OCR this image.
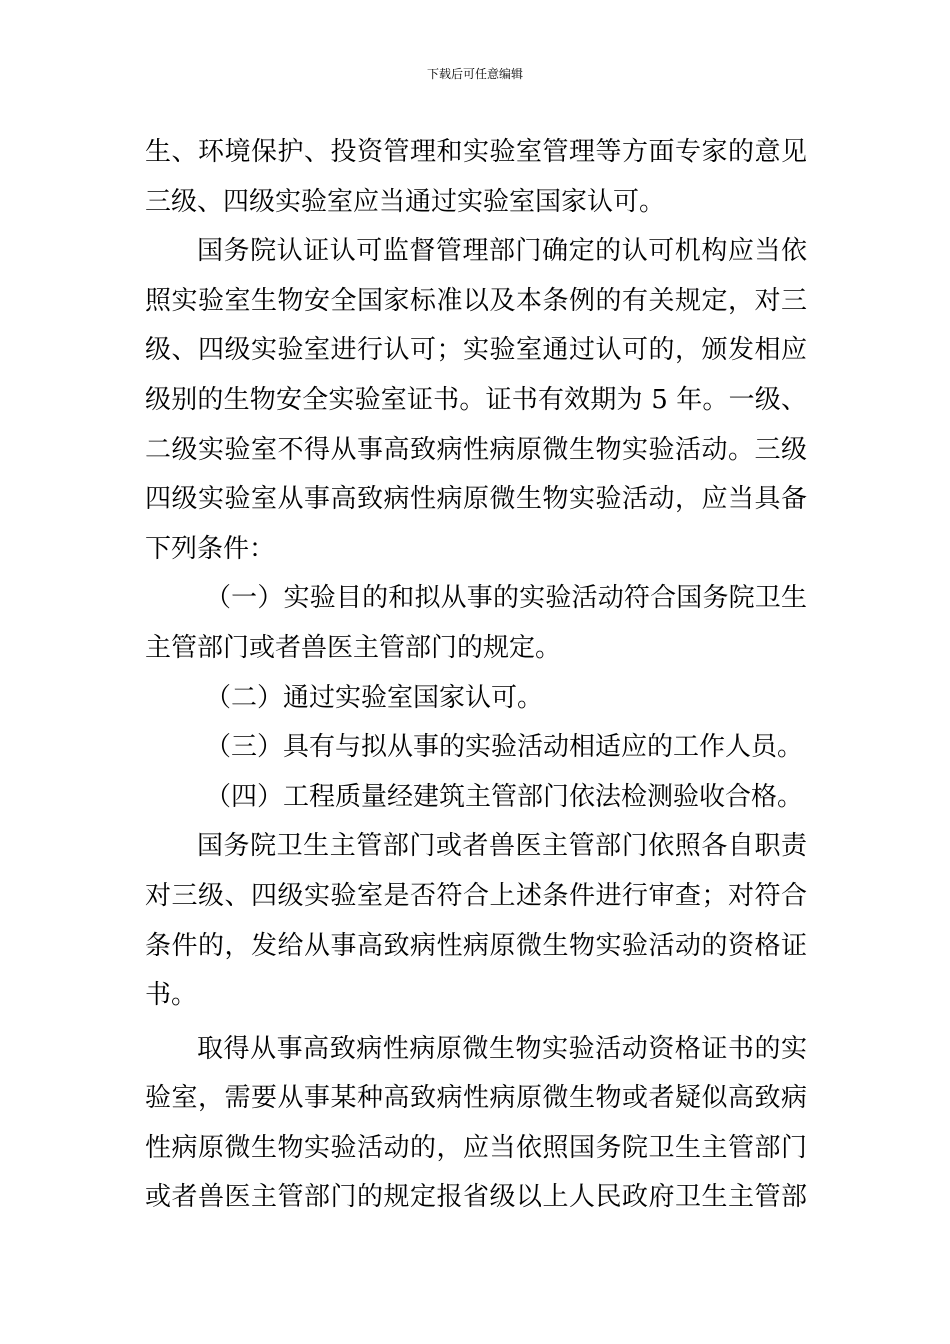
下载后可任意编辑
生、环境保护、投资管理和实验室管理等方面专家的意见
三级、四级实验室应当通过实验室国家认可。
国务院认证认可监督管理部门确定的认可机构应当依
照实验室生物安全国家标准以及本条例的有关规定，对三
级、四级实验室进行认可；实验室通过认可的，颁发相应
级别的生物安全实验室证书。证书有效期为 5 年。一级、
二级实验室不得从事高致病性病原微生物实验活动。三级
四级实验室从事高致病性病原微生物实验活动，应当具备
下列条件：
（一）实验目的和拟从事的实验活动符合国务院卫生
主管部门或者兽医主管部门的规定。
（二）通过实验室国家认可。
（三）具有与拟从事的实验活动相适应的工作人员。
（四）工程质量经建筑主管部门依法检测验收合格。
国务院卫生主管部门或者兽医主管部门依照各自职责
对三级、四级实验室是否符合上述条件进行审查；对符合
条件的，发给从事高致病性病原微生物实验活动的资格证
书。
取得从事高致病性病原微生物实验活动资格证书的实
验室，需要从事某种高致病性病原微生物或者疑似高致病
性病原微生物实验活动的，应当依照国务院卫生主管部门
或者兽医主管部门的规定报省级以上人民政府卫生主管部
